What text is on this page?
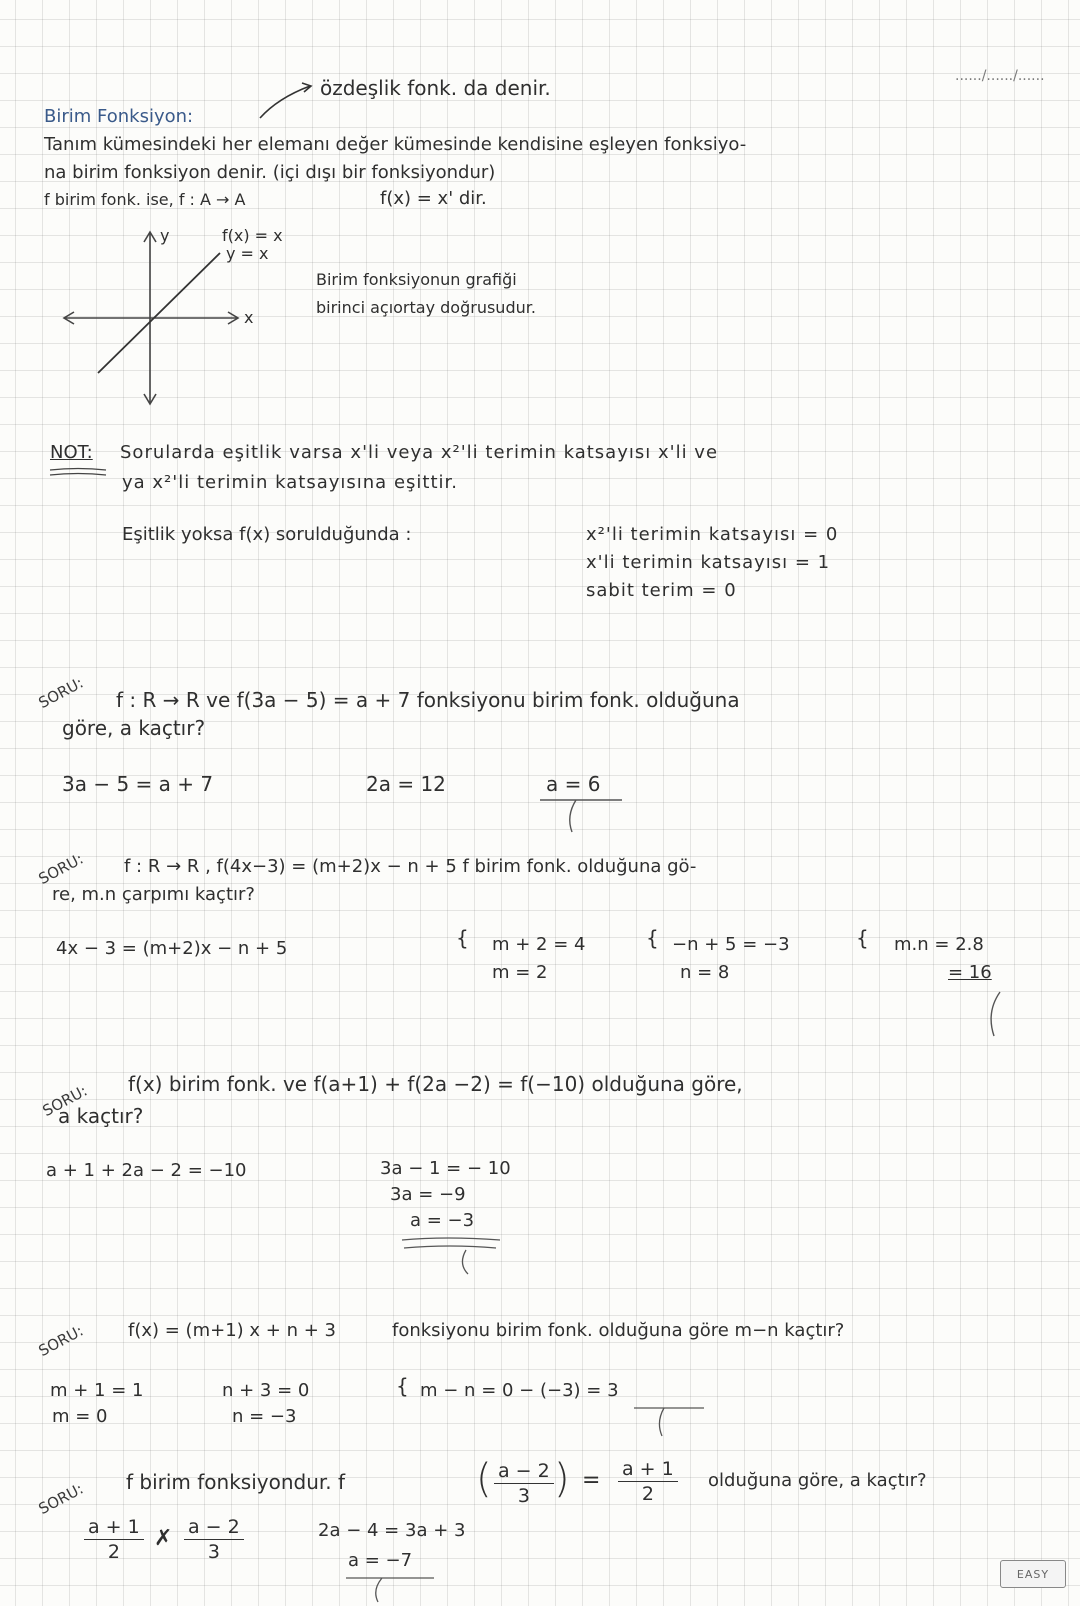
....../....../......
özdeşlik fonk. da denir.
Birim Fonksiyon:
Tanım kümesindeki her elemanı değer kümesinde kendisine eşleyen fonksiyo-
na birim fonksiyon denir. (içi dışı bir fonksiyondur)
f birim fonk. ise, f : A → A	f(x) = x' dir.
y
x
f(x) = x
y = x
Birim fonksiyonun grafiği
birinci açıortay doğrusudur.
NOT: Sorularda eşitlik varsa x'li veya x²'li terimin katsayısı x'li ve
ya x²'li terimin katsayısına eşittir.
Eşitlik yoksa f(x) sorulduğunda :	x²'li terimin katsayısı = 0
x'li terimin katsayısı = 1
sabit terim = 0
SORU: f : R → R ve f(3a − 5) = a + 7 fonksiyonu birim fonk. olduğuna
göre, a kaçtır?
3a − 5 = a + 7	2a = 12	a = 6
SORU: f : R → R , f(4x−3) = (m+2)x − n + 5 f birim fonk. olduğuna gö-
re, m.n çarpımı kaçtır?
4x − 3 = (m+2)x − n + 5	{ m + 2 = 4
m = 2
{ −n + 5 = −3
n = 8
{ m.n = 2.8
= 16
SORU: f(x) birim fonk. ve f(a+1) + f(2a −2) = f(−10) olduğuna göre,
a kaçtır?
a + 1 + 2a − 2 = −10	3a − 1 = − 10
3a = −9
a = −3
SORU: f(x) = (m+1) x + n + 3	fonksiyonu birim fonk. olduğuna göre m−n kaçtır?
m + 1 = 1
m = 0
n + 3 = 0
n = −3
{ m − n = 0 − (−3) = 3
SORU: f birim fonksiyondur. f	( $\frac{a - 2}{3}$ ) = $\frac{a + 1}{2}$ olduğuna göre, a kaçtır?
$\frac{a + 1}{2}$ ✗ $\frac{a - 2}{3}$	2a − 4 = 3a + 3
a = −7
EASY
